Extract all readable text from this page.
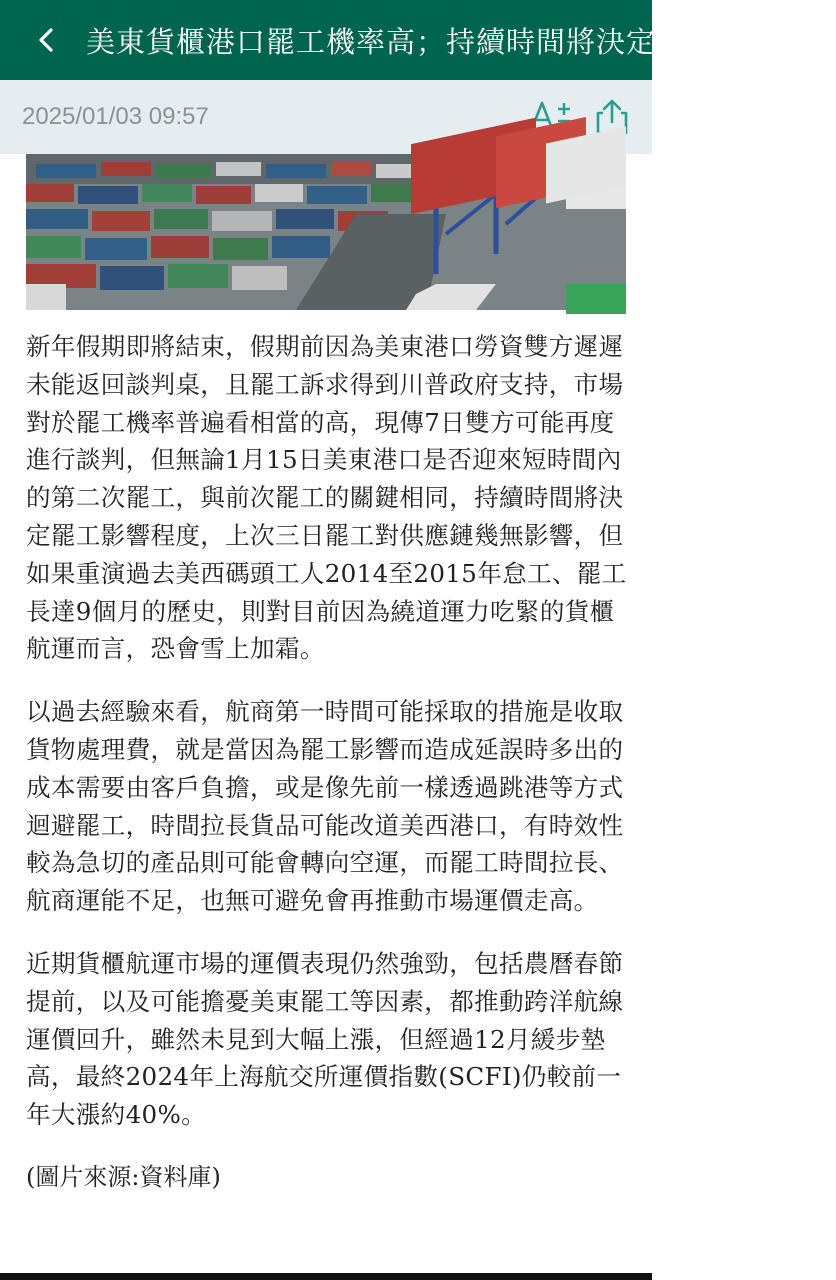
美東貨櫃港口罷工機率高；持續時間將決定罷工影響程度
2025/01/03 09:57

新年假期即將結束，假期前因為美東港口勞資雙方遲遲未能返回談判桌，且罷工訴求得到川普政府支持，市場對於罷工機率普遍看相當的高，現傳7日雙方可能再度進行談判，但無論1月15日美東港口是否迎來短時間內的第二次罷工，與前次罷工的關鍵相同，持續時間將決定罷工影響程度，上次三日罷工對供應鏈幾無影響，但如果重演過去美西碼頭工人2014至2015年怠工、罷工長達9個月的歷史，則對目前因為繞道運力吃緊的貨櫃航運而言，恐會雪上加霜。

以過去經驗來看，航商第一時間可能採取的措施是收取貨物處理費，就是當因為罷工影響而造成延誤時多出的成本需要由客戶負擔，或是像先前一樣透過跳港等方式迴避罷工，時間拉長貨品可能改道美西港口，有時效性較為急切的產品則可能會轉向空運，而罷工時間拉長、航商運能不足，也無可避免會再推動市場運價走高。

近期貨櫃航運市場的運價表現仍然強勁，包括農曆春節提前，以及可能擔憂美東罷工等因素，都推動跨洋航線運價回升，雖然未見到大幅上漲，但經過12月緩步墊高，最終2024年上海航交所運價指數(SCFI)仍較前一年大漲約40%。

(圖片來源:資料庫)
